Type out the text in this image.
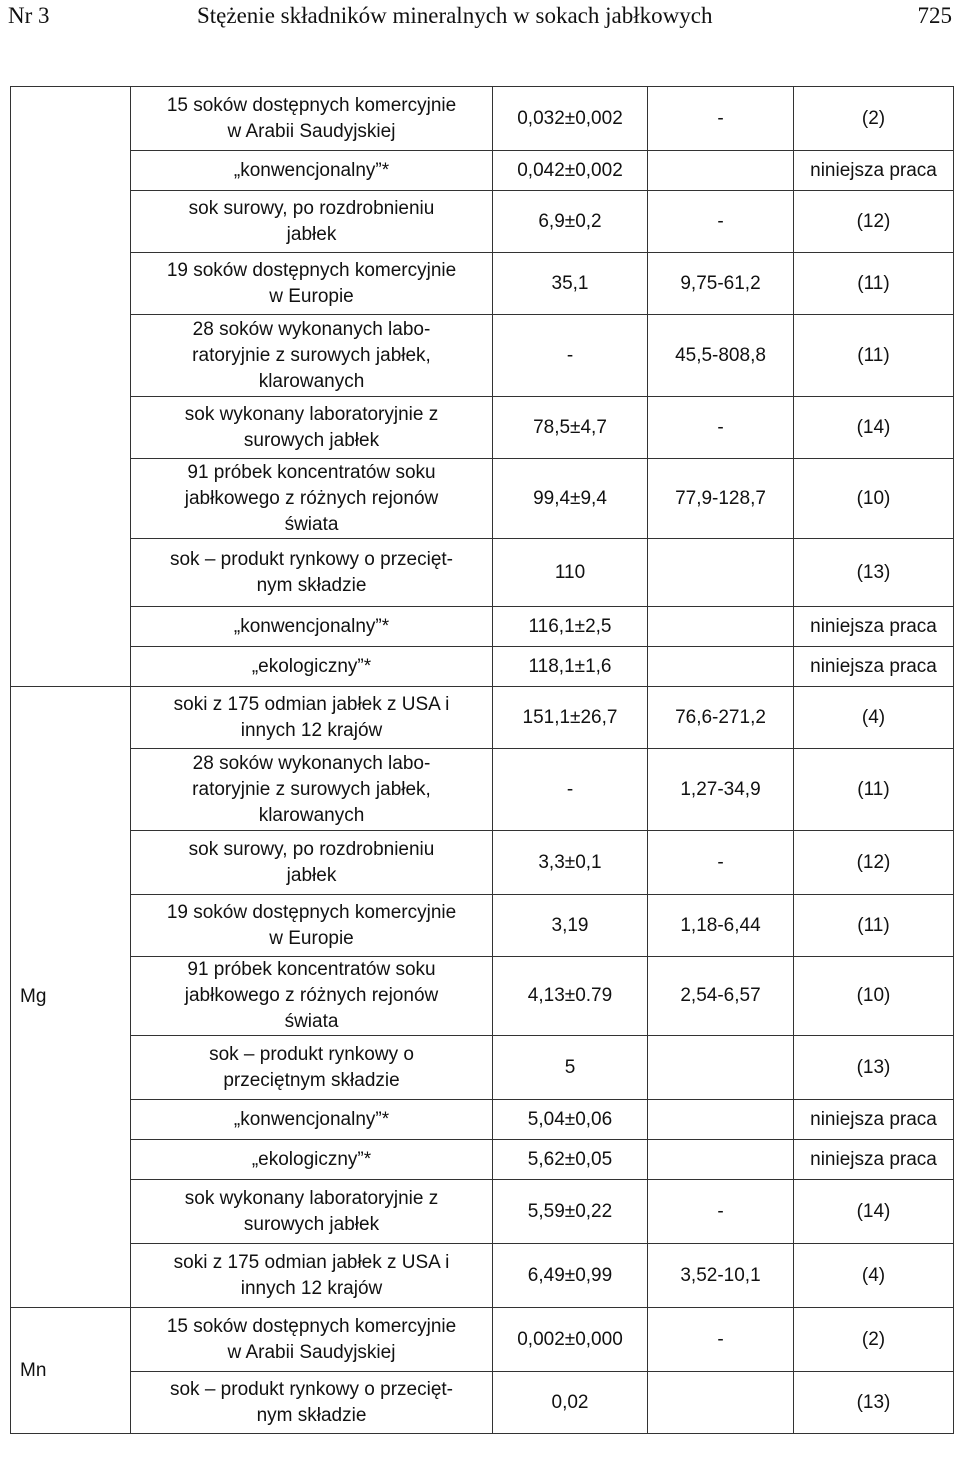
Nr 3	Stężenie składników mineralnych w sokach jabłkowych	725
	15 soków dostępnych komercyjnie
w Arabii Saudyjskiej	0,032±0,002	-	(2)
	„konwencjonalny”*	0,042±0,002		niniejsza praca
	sok surowy, po rozdrobnieniu
jabłek	6,9±0,2	-	(12)
	19 soków dostępnych komercyjnie
w Europie	35,1	9,75-61,2	(11)
	28 soków wykonanych labo-
ratoryjnie z surowych jabłek,
klarowanych	-	45,5-808,8	(11)
	sok wykonany laboratoryjnie z
surowych jabłek	78,5±4,7	-	(14)
	91 próbek koncentratów soku
jabłkowego z różnych rejonów
świata	99,4±9,4	77,9-128,7	(10)
	sok – produkt rynkowy o przecięt-
nym składzie	110		(13)
	„konwencjonalny”*	116,1±2,5		niniejsza praca
	„ekologiczny”*	118,1±1,6		niniejsza praca
Mg	soki z 175 odmian jabłek z USA i
innych 12 krajów	151,1±26,7	76,6-271,2	(4)
	28 soków wykonanych labo-
ratoryjnie z surowych jabłek,
klarowanych	-	1,27-34,9	(11)
	sok surowy, po rozdrobnieniu
jabłek	3,3±0,1	-	(12)
	19 soków dostępnych komercyjnie
w Europie	3,19	1,18-6,44	(11)
	91 próbek koncentratów soku
jabłkowego z różnych rejonów
świata	4,13±0.79	2,54-6,57	(10)
	sok – produkt rynkowy o
przeciętnym składzie	5		(13)
	„konwencjonalny”*	5,04±0,06		niniejsza praca
	„ekologiczny”*	5,62±0,05		niniejsza praca
	sok wykonany laboratoryjnie z
surowych jabłek	5,59±0,22	-	(14)
	soki z 175 odmian jabłek z USA i
innych 12 krajów	6,49±0,99	3,52-10,1	(4)
Mn	15 soków dostępnych komercyjnie
w Arabii Saudyjskiej	0,002±0,000	-	(2)
	sok – produkt rynkowy o przecięt-
nym składzie	0,02		(13)
